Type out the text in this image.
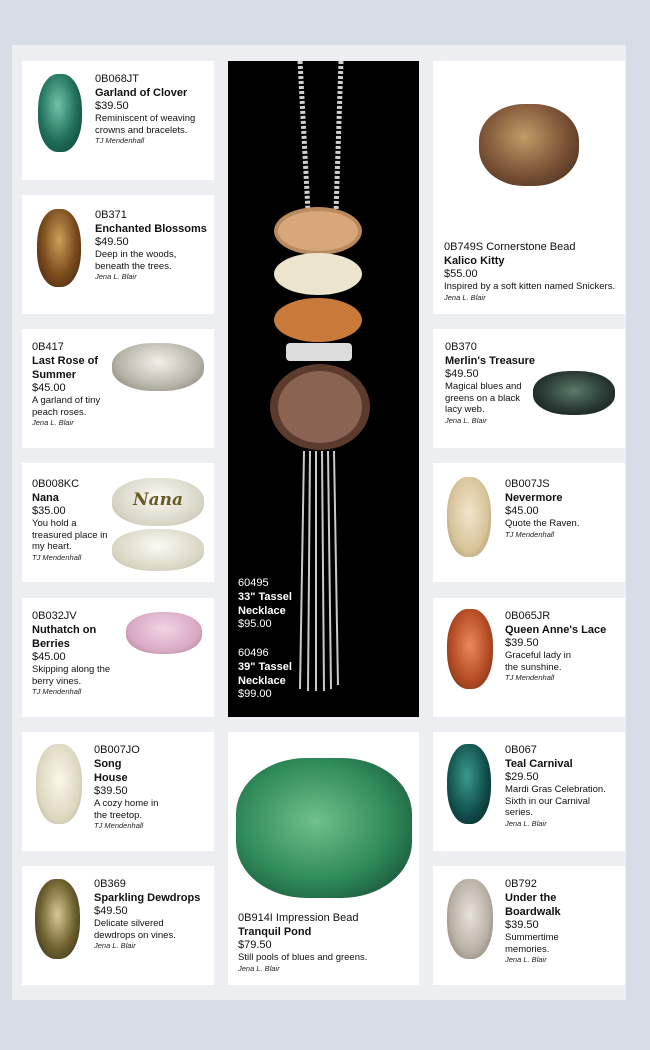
0B068JT
Garland of Clover
$39.50
Reminiscent of weaving crowns and bracelets.
TJ Mendenhall
0B371
Enchanted Blossoms
$49.50
Deep in the woods, beneath the trees.
Jena L. Blair
0B417
Last Rose of Summer
$45.00
A garland of tiny peach roses.
Jena L. Blair
0B008KC
Nana
$35.00
You hold a treasured place in my heart.
TJ Mendenhall
Nana
0B032JV
Nuthatch on Berries
$45.00
Skipping along the berry vines.
TJ Mendenhall
0B007JO
Song House
$39.50
A cozy home in the treetop.
TJ Mendenhall
0B369
Sparkling Dewdrops
$49.50
Delicate silvered dewdrops on vines.
Jena L. Blair
60495
33" Tassel Necklace
$95.00
60496
39" Tassel Necklace
$99.00
0B914I Impression Bead
Tranquil Pond
$79.50
Still pools of blues and greens.
Jena L. Blair
0B749S Cornerstone Bead
Kalico Kitty
$55.00
Inspired by a soft kitten named Snickers.
Jena L. Blair
0B370
Merlin's Treasure
$49.50
Magical blues and greens on a black lacy web.
Jena L. Blair
0B007JS
Nevermore
$45.00
Quote the Raven.
TJ Mendenhall
0B065JR
Queen Anne's Lace
$39.50
Graceful lady in the sunshine.
TJ Mendenhall
0B067
Teal Carnival
$29.50
Mardi Gras Celebration. Sixth in our Carnival series.
Jena L. Blair
0B792
Under the Boardwalk
$39.50
Summertime memories.
Jena L. Blair
